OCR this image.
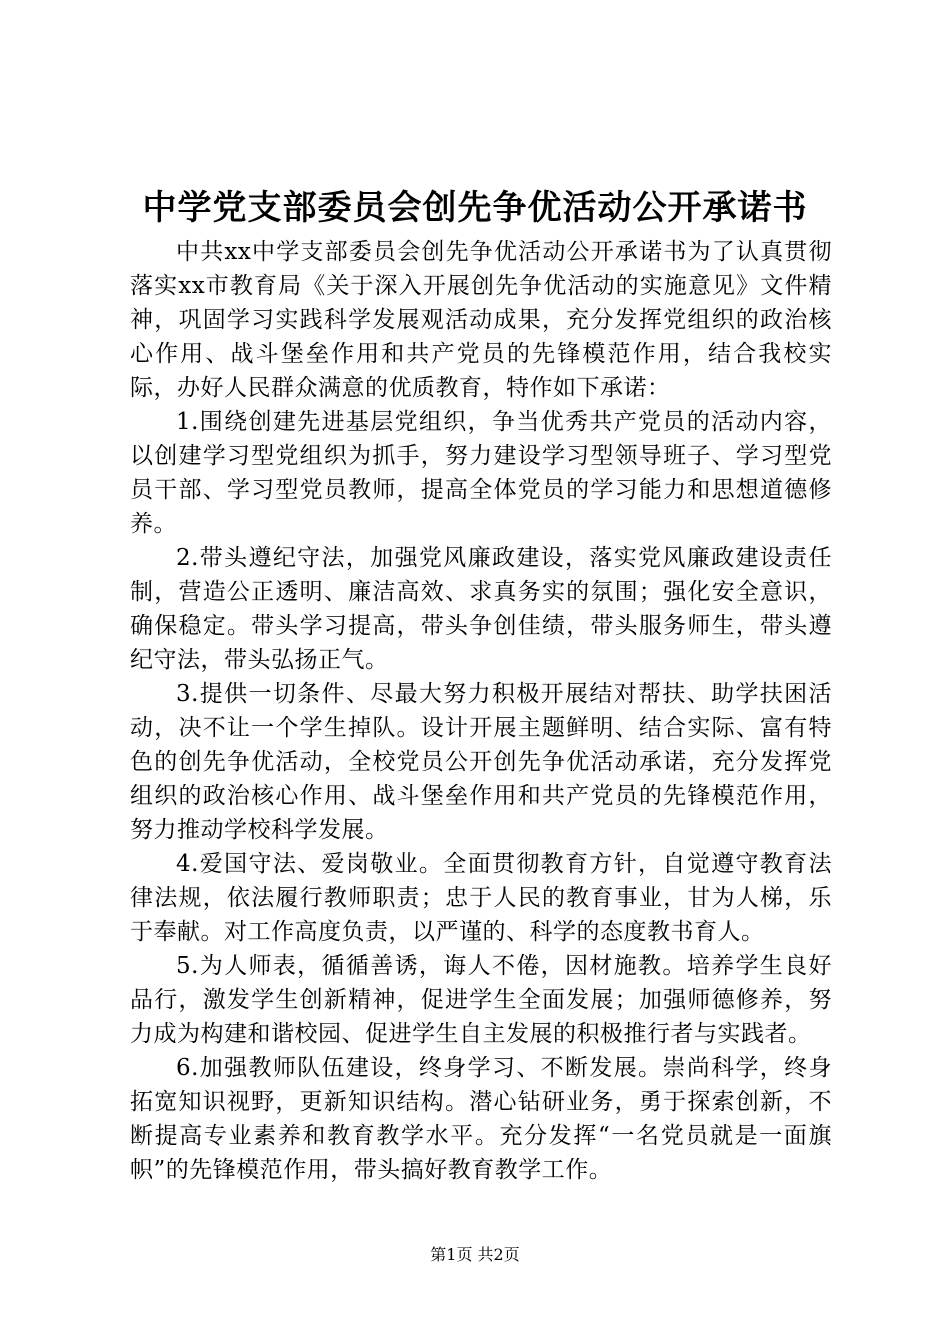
中学党支部委员会创先争优活动公开承诺书

中共xx中学支部委员会创先争优活动公开承诺书为了认真贯彻落实xx市教育局《关于深入开展创先争优活动的实施意见》文件精神，巩固学习实践科学发展观活动成果，充分发挥党组织的政治核心作用、战斗堡垒作用和共产党员的先锋模范作用，结合我校实际，办好人民群众满意的优质教育，特作如下承诺：

1.围绕创建先进基层党组织，争当优秀共产党员的活动内容，以创建学习型党组织为抓手，努力建设学习型领导班子、学习型党员干部、学习型党员教师，提高全体党员的学习能力和思想道德修养。

2.带头遵纪守法，加强党风廉政建设，落实党风廉政建设责任制，营造公正透明、廉洁高效、求真务实的氛围；强化安全意识，确保稳定。带头学习提高，带头争创佳绩，带头服务师生，带头遵纪守法，带头弘扬正气。

3.提供一切条件、尽最大努力积极开展结对帮扶、助学扶困活动，决不让一个学生掉队。设计开展主题鲜明、结合实际、富有特色的创先争优活动，全校党员公开创先争优活动承诺，充分发挥党组织的政治核心作用、战斗堡垒作用和共产党员的先锋模范作用，努力推动学校科学发展。

4.爱国守法、爱岗敬业。全面贯彻教育方针，自觉遵守教育法律法规，依法履行教师职责；忠于人民的教育事业，甘为人梯，乐于奉献。对工作高度负责，以严谨的、科学的态度教书育人。

5.为人师表，循循善诱，诲人不倦，因材施教。培养学生良好品行，激发学生创新精神，促进学生全面发展；加强师德修养，努力成为构建和谐校园、促进学生自主发展的积极推行者与实践者。

6.加强教师队伍建设，终身学习、不断发展。崇尚科学，终身拓宽知识视野，更新知识结构。潜心钻研业务，勇于探索创新，不断提高专业素养和教育教学水平。充分发挥“一名党员就是一面旗帜”的先锋模范作用，带头搞好教育教学工作。

第1页 共2页
